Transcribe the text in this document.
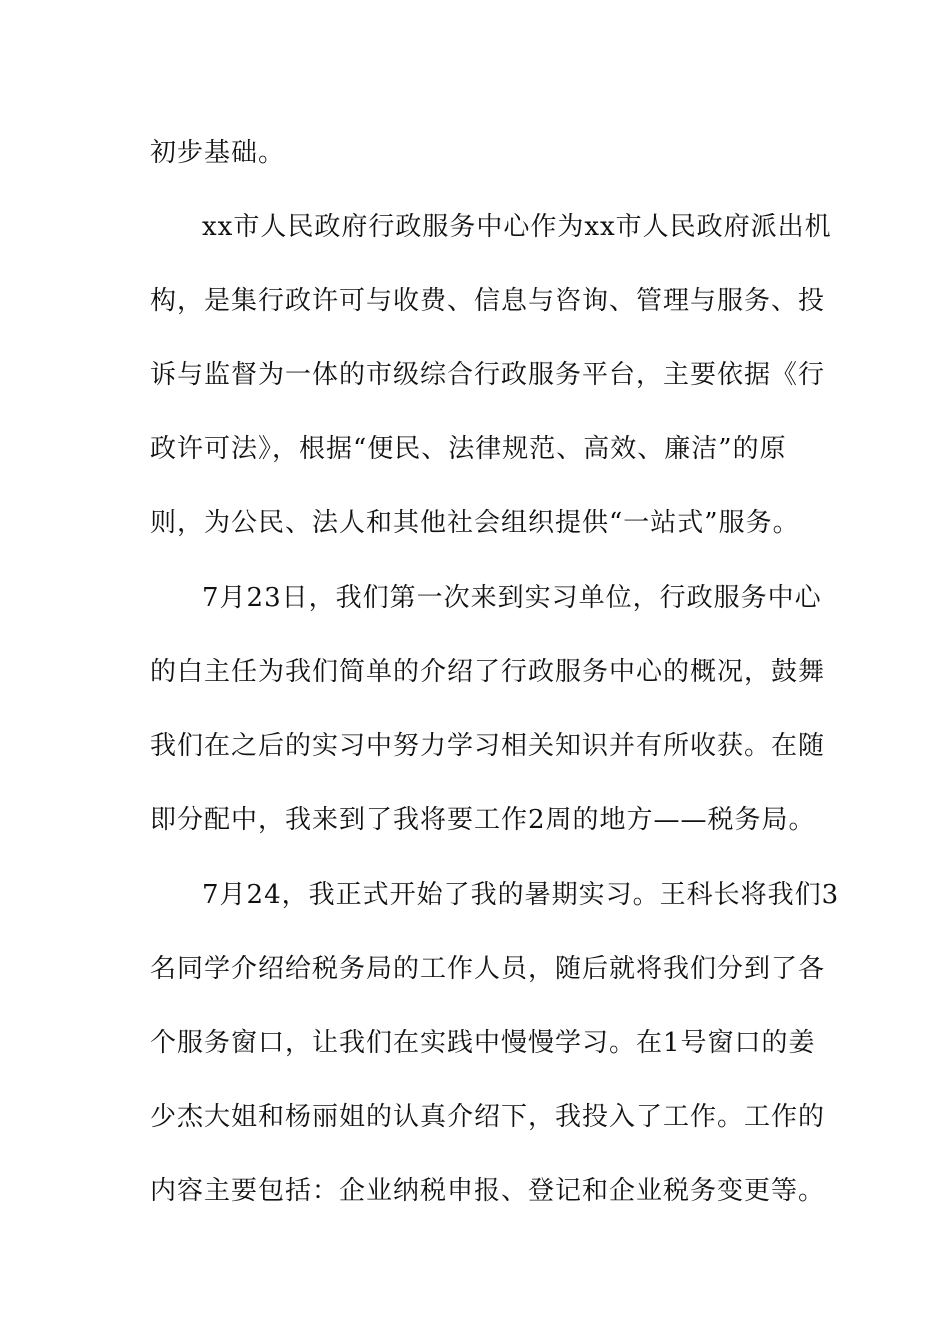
初步基础。
xx市人民政府行政服务中心作为xx市人民政府派出机
构，是集行政许可与收费、信息与咨询、管理与服务、投
诉与监督为一体的市级综合行政服务平台，主要依据《行
政许可法》，根据“便民、法律规范、高效、廉洁”的原
则，为公民、法人和其他社会组织提供“一站式”服务。
7月23日，我们第一次来到实习单位，行政服务中心
的白主任为我们简单的介绍了行政服务中心的概况，鼓舞
我们在之后的实习中努力学习相关知识并有所收获。在随
即分配中，我来到了我将要工作2周的地方——税务局。
7月24，我正式开始了我的暑期实习。王科长将我们3
名同学介绍给税务局的工作人员，随后就将我们分到了各
个服务窗口，让我们在实践中慢慢学习。在1号窗口的姜
少杰大姐和杨丽姐的认真介绍下，我投入了工作。工作的
内容主要包括：企业纳税申报、登记和企业税务变更等。
